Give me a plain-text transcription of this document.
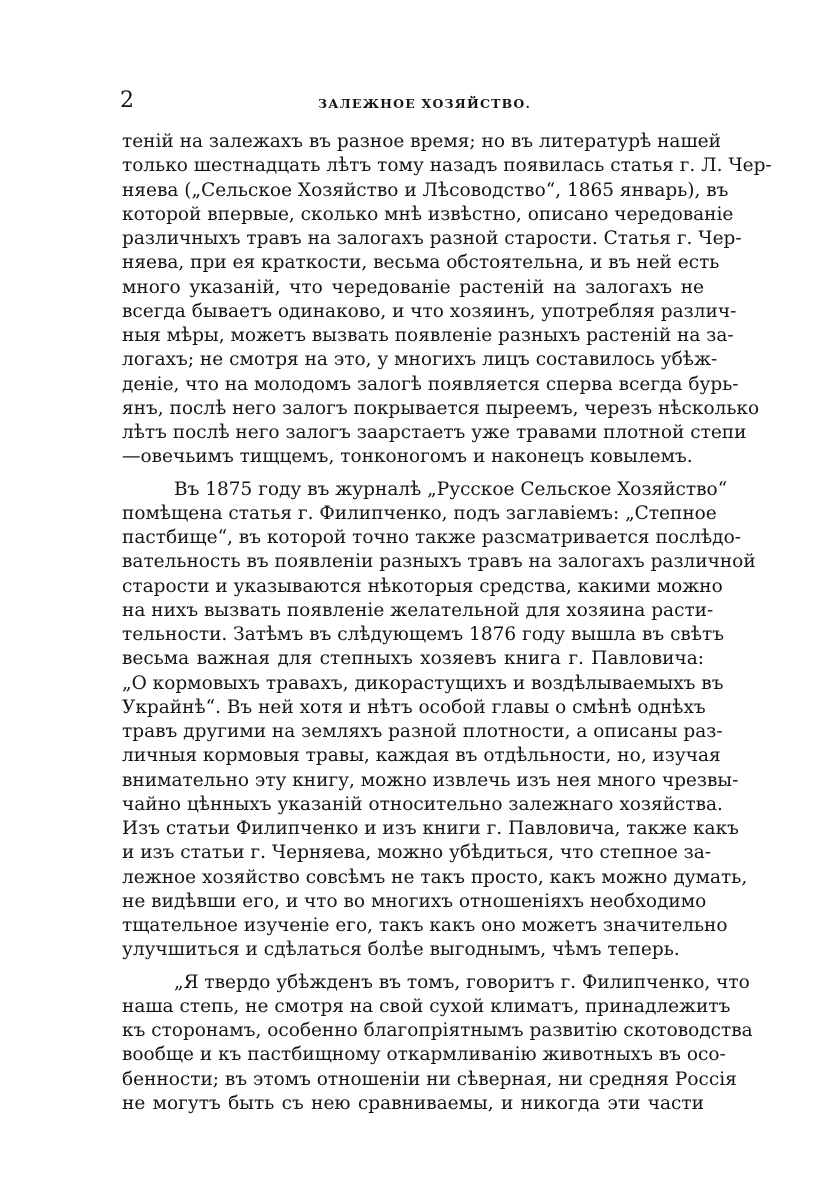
2	ЗАЛЕЖНОЕ ХОЗЯЙСТВО.
теній на залежахъ въ разное время; но въ литературѣ нашей
только шестнадцать лѣтъ тому назадъ появилась статья г. Л. Чер-
няева („Сельское Хозяйство и Лѣсоводство“, 1865 январь), въ
которой впервые, сколько мнѣ извѣстно, описано чередованіе
различныхъ травъ на залогахъ разной старости. Статья г. Чер-
няева, при ея краткости, весьма обстоятельна, и въ ней есть
много указаній, что чередованіе растеній на залогахъ не
всегда бываетъ одинаково, и что хозяинъ, употребляя различ-
ныя мѣры, можетъ вызвать появленіе разныхъ растеній на за-
логахъ; не смотря на это, у многихъ лицъ составилось убѣж-
деніе, что на молодомъ залогѣ появляется сперва всегда бурь-
янъ, послѣ него залогъ покрывается пыреемъ, черезъ нѣсколько
лѣтъ послѣ него залогъ заарстаетъ уже травами плотной степи
—овечьимъ тищцемъ, тонконогомъ и наконецъ ковылемъ.
Въ 1875 году въ журналѣ „Русское Сельское Хозяйство“
помѣщена статья г. Филипченко, подъ заглавіемъ: „Степное
пастбище“, въ которой точно также разсматривается послѣдо-
вательность въ появленіи разныхъ травъ на залогахъ различной
старости и указываются нѣкоторыя средства, какими можно
на нихъ вызвать появленіе желательной для хозяина расти-
тельности. Затѣмъ въ слѣдующемъ 1876 году вышла въ свѣтъ
весьма важная для степныхъ хозяевъ книга г. Павловича:
„О кормовыхъ травахъ, дикорастущихъ и воздѣлываемыхъ въ
Украйнѣ“. Въ ней хотя и нѣтъ особой главы о смѣнѣ однѣхъ
травъ другими на земляхъ разной плотности, а описаны раз-
личныя кормовыя травы, каждая въ отдѣльности, но, изучая
внимательно эту книгу, можно извлечь изъ нея много чрезвы-
чайно цѣнныхъ указаній относительно залежнаго хозяйства.
Изъ статьи Филипченко и изъ книги г. Павловича, также какъ
и изъ статьи г. Черняева, можно убѣдиться, что степное за-
лежное хозяйство совсѣмъ не такъ просто, какъ можно думать,
не видѣвши его, и что во многихъ отношеніяхъ необходимо
тщательное изученіе его, такъ какъ оно можетъ значительно
улучшиться и сдѣлаться болѣе выгоднымъ, чѣмъ теперь.
„Я твердо убѣжденъ въ томъ, говоритъ г. Филипченко, что
наша степь, не смотря на свой сухой климатъ, принадлежитъ
къ сторонамъ, особенно благопріятнымъ развитію скотоводства
вообще и къ пастбищному откармливанію животныхъ въ осо-
бенности; въ этомъ отношеніи ни сѣверная, ни средняя Россія
не могутъ быть съ нею сравниваемы, и никогда эти части
